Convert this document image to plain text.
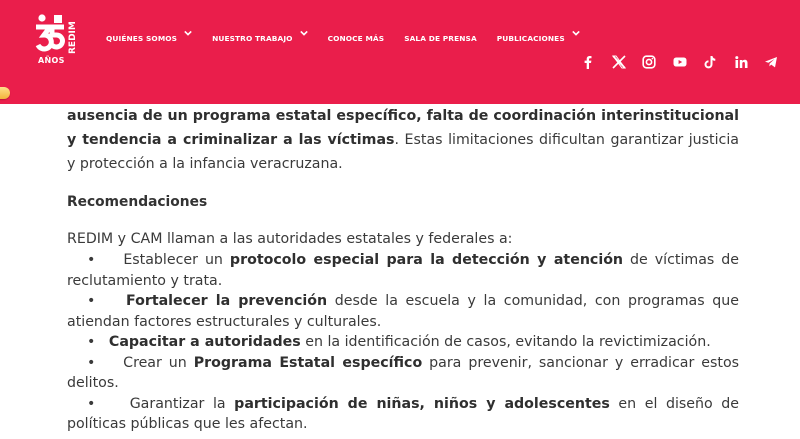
REDIM
AÑOS
QUIÉNES SOMOS	NUESTRO TRABAJO	CONOCE MÁS	SALA DE PRENSA	PUBLICACIONES

ausencia de un programa estatal específico, falta de coordinación interinstitucional y tendencia a criminalizar a las víctimas. Estas limitaciones dificultan garantizar justicia y protección a la infancia veracruzana.

Recomendaciones
REDIM y CAM llaman a las autoridades estatales y federales a:
• Establecer un protocolo especial para la detección y atención de víctimas de reclutamiento y trata.
• Fortalecer la prevención desde la escuela y la comunidad, con programas que atiendan factores estructurales y culturales.
• Capacitar a autoridades en la identificación de casos, evitando la revictimización.
• Crear un Programa Estatal específico para prevenir, sancionar y erradicar estos delitos.
• Garantizar la participación de niñas, niños y adolescentes en el diseño de políticas públicas que les afectan.
